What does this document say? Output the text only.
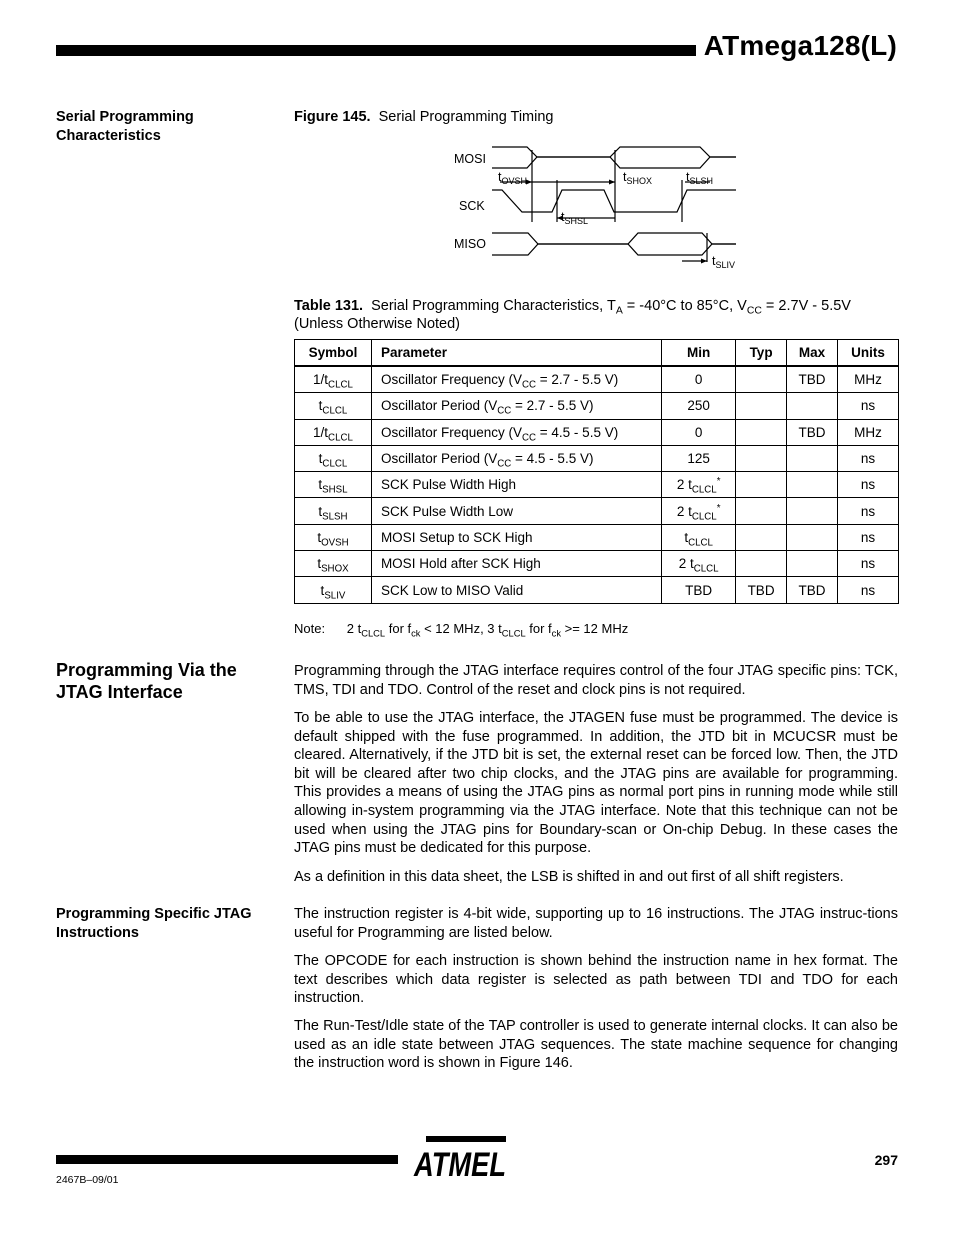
ATmega128(L)
Serial Programming Characteristics
Programming Via the JTAG Interface
Programming Specific JTAG Instructions
Figure 145. Serial Programming Timing
MOSI
SCK
MISO
$t_{OVSH}$	$t_{SHOX}$	$t_{SLSH}$
$t_{SHSL}$
$t_{SLIV}$
Table 131. Serial Programming Characteristics, $T_A = -40^\circ C$ to 85°C, $V_{CC} = 2.7V - 5.5V$
(Unless Otherwise Noted)
Symbol	Parameter	Min	Typ	Max	Units
$1/t_{CLCL}$	Oscillator Frequency ($V_{CC} = 2.7 - 5.5$ V)	0		TBD	MHz
$t_{CLCL}$	Oscillator Period ($V_{CC} = 2.7 - 5.5$ V)	250			ns
$1/t_{CLCL}$	Oscillator Frequency ($V_{CC} = 4.5 - 5.5$ V)	0		TBD	MHz
$t_{CLCL}$	Oscillator Period ($V_{CC} = 4.5 - 5.5$ V)	125			ns
$t_{SHSL}$	SCK Pulse Width High	2 $t_{CLCL}^*$			ns
$t_{SLSH}$	SCK Pulse Width Low	2 $t_{CLCL}^*$			ns
$t_{OVSH}$	MOSI Setup to SCK High	$t_{CLCL}$			ns
$t_{SHOX}$	MOSI Hold after SCK High	2 $t_{CLCL}$			ns
$t_{SLIV}$	SCK Low to MISO Valid	TBD	TBD	TBD	ns
Note: 2 $t_{CLCL}$ for $f_{ck} < 12$ MHz, 3 $t_{CLCL}$ for $f_{ck} >= 12$ MHz
Programming through the JTAG interface requires control of the four JTAG specific pins: TCK, TMS, TDI and TDO. Control of the reset and clock pins is not required.
To be able to use the JTAG interface, the JTAGEN fuse must be programmed. The device is default shipped with the fuse programmed. In addition, the JTD bit in MCUCSR must be cleared. Alternatively, if the JTD bit is set, the external reset can be forced low. Then, the JTD bit will be cleared after two chip clocks, and the JTAG pins are available for programming. This provides a means of using the JTAG pins as normal port pins in running mode while still allowing in-system programming via the JTAG interface. Note that this technique can not be used when using the JTAG pins for Boundary-scan or On-chip Debug. In these cases the JTAG pins must be dedicated for this purpose.
As a definition in this data sheet, the LSB is shifted in and out first of all shift registers.
The instruction register is 4-bit wide, supporting up to 16 instructions. The JTAG instruc-tions useful for Programming are listed below.
The OPCODE for each instruction is shown behind the instruction name in hex format. The text describes which data register is selected as path between TDI and TDO for each instruction.
The Run-Test/Idle state of the TAP controller is used to generate internal clocks. It can also be used as an idle state between JTAG sequences. The state machine sequence for changing the instruction word is shown in Figure 146.
ATMEL	297
2467B–09/01
